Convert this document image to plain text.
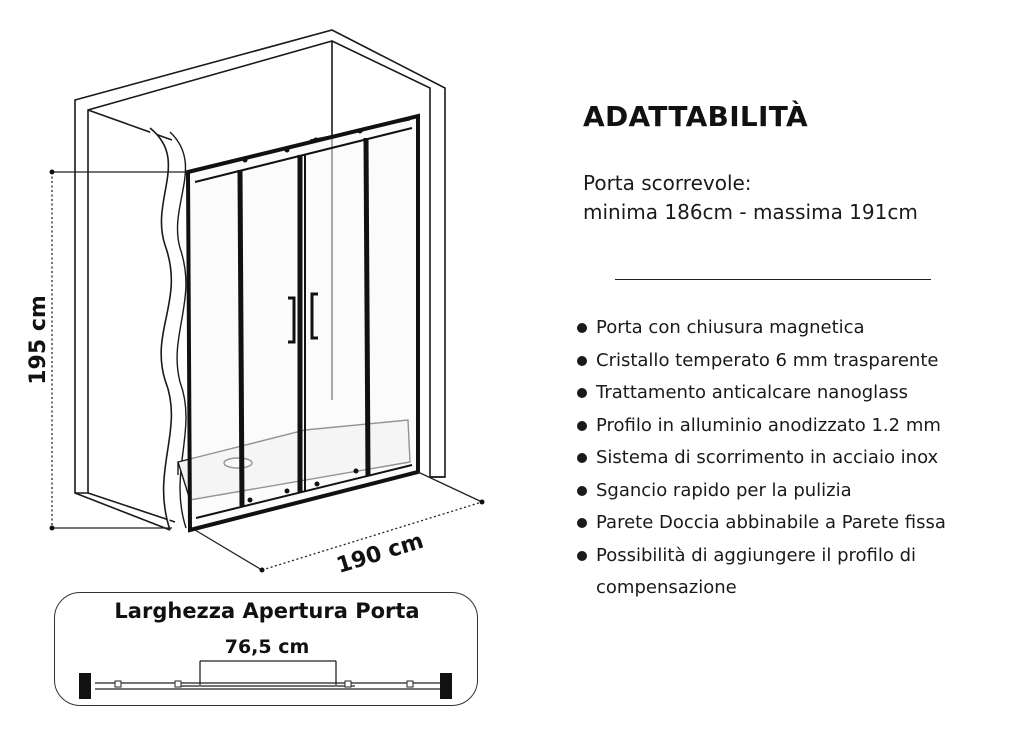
195 cm
190 cm
Larghezza Apertura Porta
76,5 cm
ADATTABILITÀ
Porta scorrevole:
minima 186cm - massima 191cm
Porta con chiusura magnetica
Cristallo temperato 6 mm trasparente
Trattamento anticalcare nanoglass
Profilo in alluminio anodizzato 1.2 mm
Sistema di scorrimento in acciaio inox
Sgancio rapido per la pulizia
Parete Doccia abbinabile a Parete fissa
Possibilità di aggiungere il profilo di compensazione
